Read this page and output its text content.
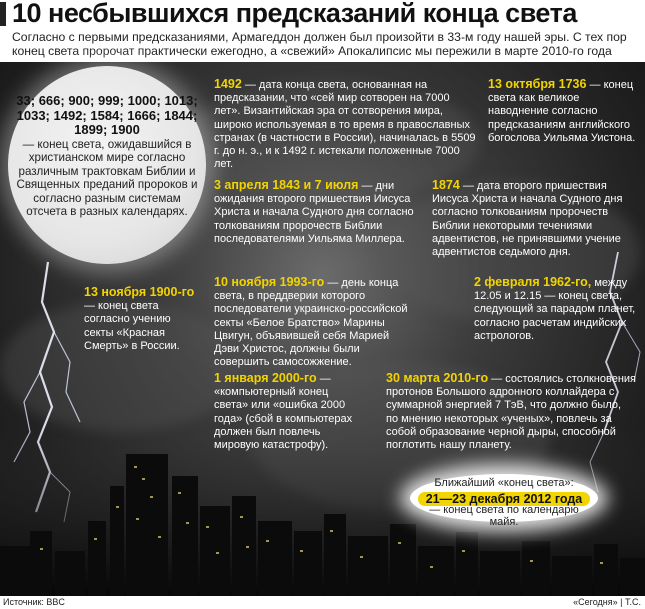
10 несбывшихся предсказаний конца света
Согласно с первыми предсказаниями, Армагеддон должен был произойти в 33-м году нашей эры. С тех пор конец света пророчат практически ежегодно, а «свежий» Апокалипсис мы пережили в марте 2010-го года
33; 666; 900; 999; 1000; 1013; 1033; 1492; 1584; 1666; 1844; 1899; 1900
— конец света, ожидавшийся в христианском мире согласно различным трактовкам Библии и Священных преданий пророков и согласно разным системам отсчета в разных календарях.
1492 — дата конца света, основанная на предсказании, что «сей мир сотворен на 7000 лет». Византийская эра от сотворения мира, широко используемая в то время в православных странах (в частности в России), начиналась в 5509 г. до н. э., и к 1492 г. истекали положенные 7000 лет.
13 октября 1736 — конец света как великое наводнение согласно предсказаниям английского богослова Уильяма Уистона.
3 апреля 1843 и 7 июля — дни ожидания второго пришествия Иисуса Христа и начала Судного дня согласно толкованиям пророчеств Библии последователями Уильяма Миллера.
1874 — дата второго пришествия Иисуса Христа и начала Судного дня согласно толкованиям пророчеств Библии некоторыми течениями адвентистов, не принявшими учение адвентистов седьмого дня.
13 ноября 1900-го — конец света согласно учению секты «Красная Смерть» в России.
10 ноября 1993-го — день конца света, в преддверии которого последователи украинско-российской секты «Белое Братство» Марины Цвигун, объявившей себя Марией Дэви Христос, должны были совершить самосожжение.
2 февраля 1962-го, между 12.05 и 12.15 — конец света, следующий за парадом планет, согласно расчетам индийских астрологов.
1 января 2000-го — «компьютерный конец света» или «ошибка 2000 года» (сбой в компьютерах должен был повлечь мировую катастрофу).
30 марта 2010-го — состоялись столкновения протонов Большого адронного коллайдера с суммарной энергией 7 ТэВ, что должно было, по мнению некоторых «ученых», повлечь за собой образование черной дыры, способной поглотить нашу планету.
Ближайший «конец света»:
21—23 декабря 2012 года
— конец света по календарю майя.
Источник: BBC	«Сегодня» | Т.С.
